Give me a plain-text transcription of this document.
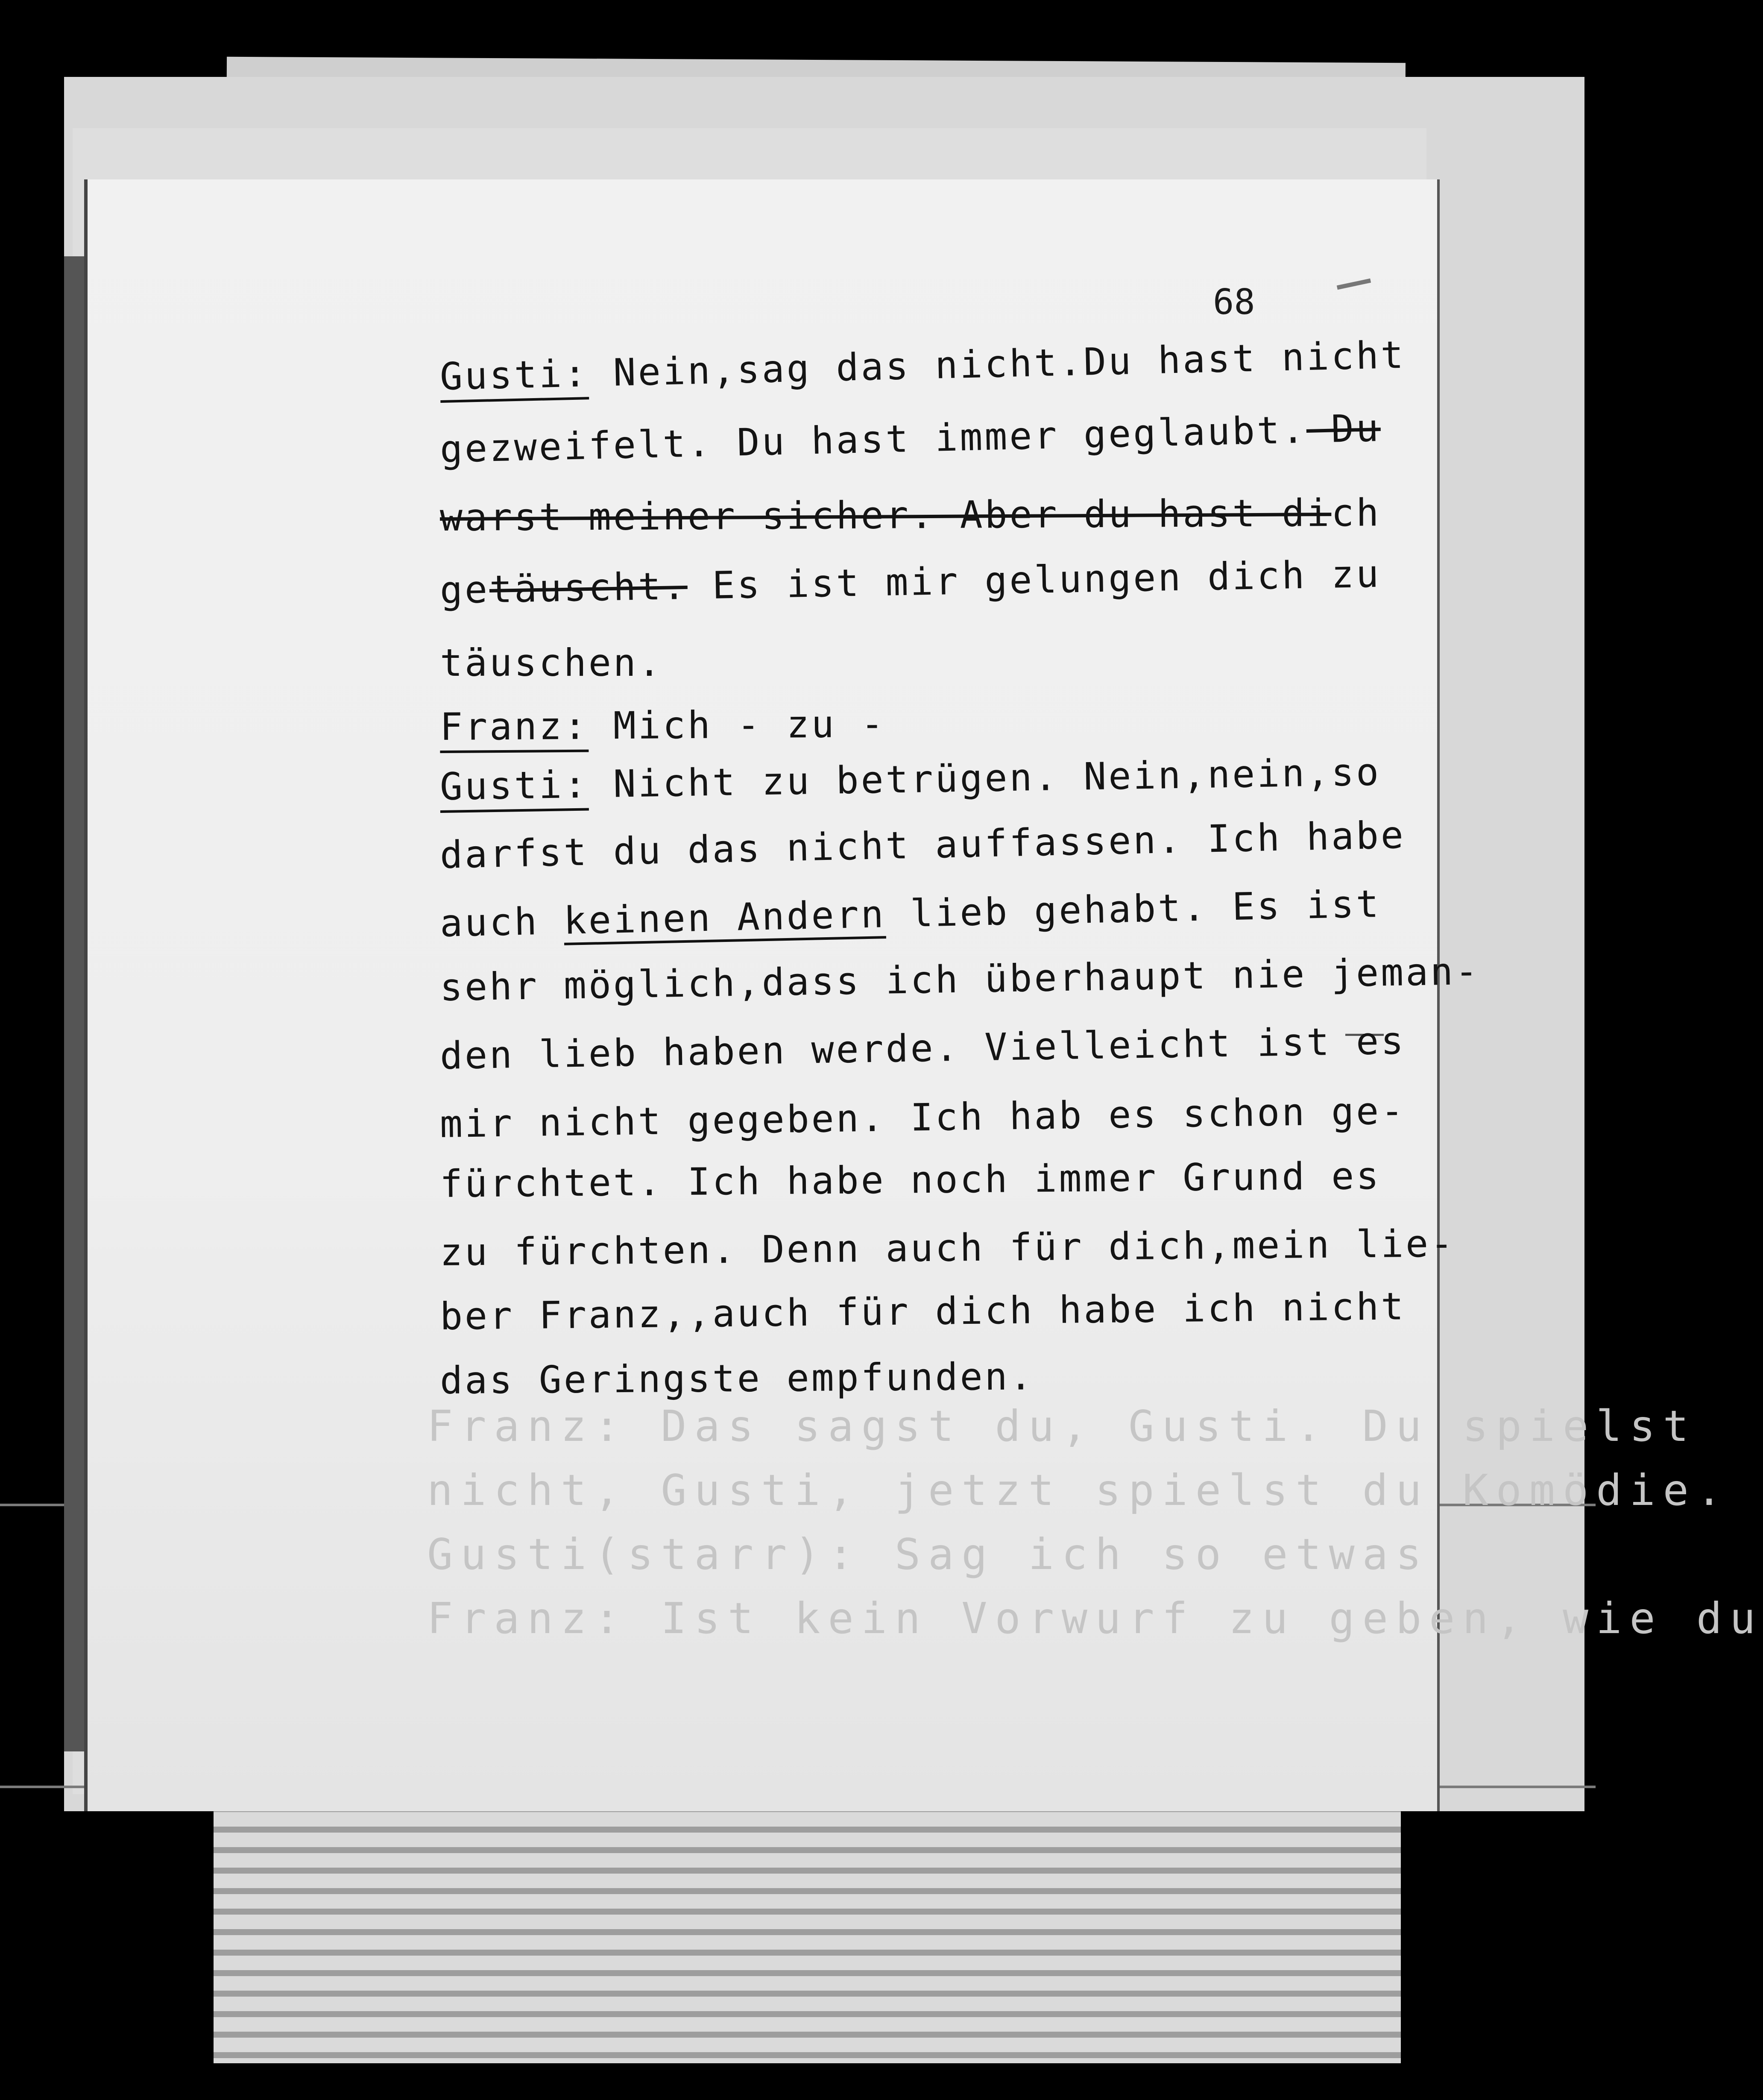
Franz: Das sagst du, Gusti. Du spielst
nicht, Gusti, jetzt spielst du Komödie.
Gusti(starr): Sag ich so etwas
Franz: Ist kein Vorwurf zu geben, wie du
68
Gusti: Nein,sag das nicht.Du hast nicht
gezweifelt. Du hast immer geglaubt. Du
warst meiner sicher. Aber du hast dich
getäuscht. Es ist mir gelungen dich zu
täuschen.
Franz: Mich - zu -
Gusti: Nicht zu betrügen. Nein,nein,so
darfst du das nicht auffassen. Ich habe
auch keinen Andern lieb gehabt. Es ist
sehr möglich,dass ich überhaupt nie jeman-
den lieb haben werde. Vielleicht ist es
mir nicht gegeben. Ich hab es schon ge-
fürchtet. Ich habe noch immer Grund es
zu fürchten. Denn auch für dich,mein lie-
ber Franz,,auch für dich habe ich nicht
das Geringste empfunden.
